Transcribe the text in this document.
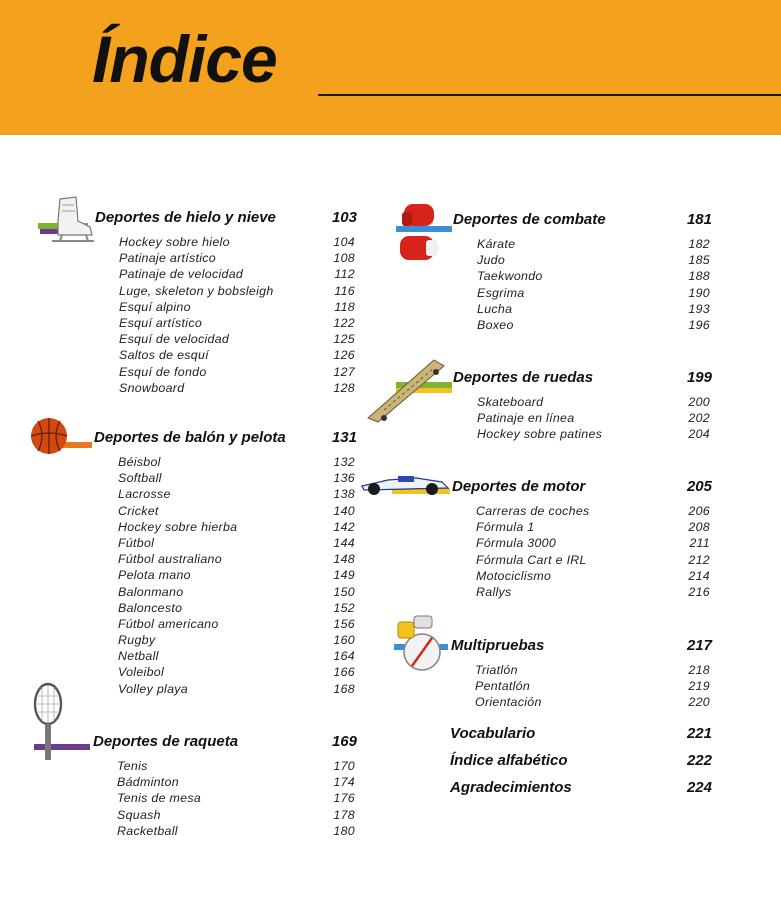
Índice
Deportes de hielo y nieve	103
Hockey sobre hielo	104
Patinaje artístico	108
Patinaje de velocidad	112
Luge, skeleton y bobsleigh	116
Esquí alpino	118
Esquí artístico	122
Esquí de velocidad	125
Saltos de esquí	126
Esquí de fondo	127
Snowboard	128
Deportes de balón y pelota	131
Béisbol	132
Softball	136
Lacrosse	138
Cricket	140
Hockey sobre hierba	142
Fútbol	144
Fútbol australiano	148
Pelota mano	149
Balonmano	150
Baloncesto	152
Fútbol americano	156
Rugby	160
Netball	164
Voleibol	166
Volley playa	168
Deportes de raqueta	169
Tenis	170
Bádminton	174
Tenis de mesa	176
Squash	178
Racketball	180
Deportes de combate	181
Kárate	182
Judo	185
Taekwondo	188
Esgrima	190
Lucha	193
Boxeo	196
Deportes de ruedas	199
Skateboard	200
Patinaje en línea	202
Hockey sobre patines	204
Deportes de motor	205
Carreras de coches	206
Fórmula 1	208
Fórmula 3000	211
Fórmula Cart e IRL	212
Motociclismo	214
Rallys	216
Multipruebas	217
Triatlón	218
Pentatlón	219
Orientación	220
Vocabulario	221
Índice alfabético	222
Agradecimientos	224
